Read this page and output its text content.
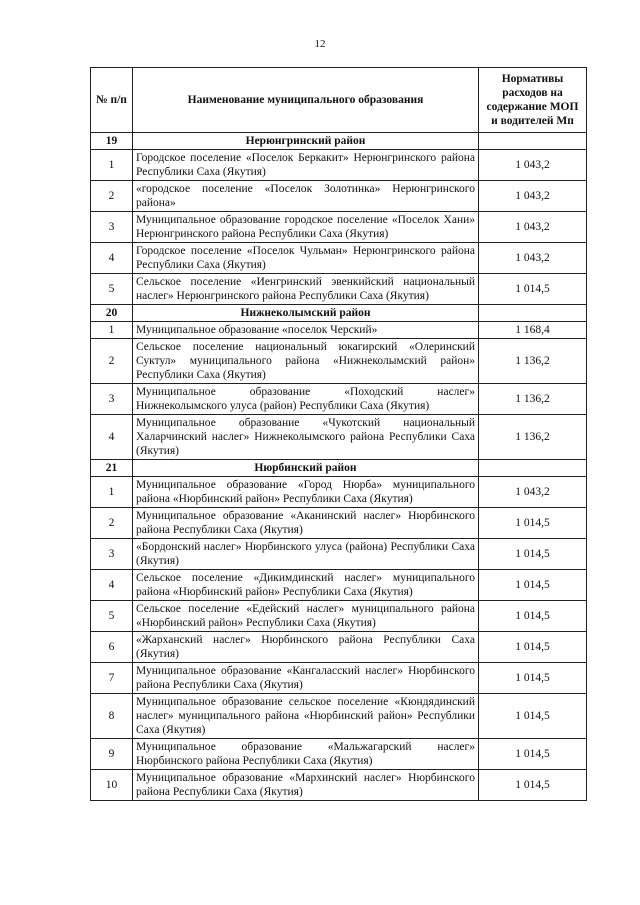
12
№ п/п	Наименование муниципального образования	Нормативы расходов на содержание МОП и водителей Мп
19	Нерюнгринский район	
1	Городское поселение «Поселок Беркакит» Нерюнгринского района Республики Саха (Якутия)	1 043,2
2	«городское поселение «Поселок Золотинка» Нерюнгринского района»	1 043,2
3	Муниципальное образование городское поселение «Поселок Хани» Нерюнгринского района Республики Саха (Якутия)	1 043,2
4	Городское поселение «Поселок Чульман» Нерюнгринского района Республики Саха (Якутия)	1 043,2
5	Сельское поселение «Иенгринский эвенкийский национальный наслег» Нерюнгринского района Республики Саха (Якутия)	1 014,5
20	Нижнеколымский район	
1	Муниципальное образование «поселок Черский»	1 168,4
2	Сельское поселение национальный юкагирский «Олеринский Суктул» муниципального района «Нижнеколымский район» Республики Саха (Якутия)	1 136,2
3	Муниципальное образование «Походский наслег» Нижнеколымского улуса (район) Республики Саха (Якутия)	1 136,2
4	Муниципальное образование «Чукотский национальный Халарчинский наслег» Нижнеколымского района Республики Саха (Якутия)	1 136,2
21	Нюрбинский район	
1	Муниципальное образование «Город Нюрба» муниципального района «Нюрбинский район» Республики Саха (Якутия)	1 043,2
2	Муниципальное образование «Аканинский наслег» Нюрбинского района Республики Саха (Якутия)	1 014,5
3	«Бордонский наслег» Нюрбинского улуса (района) Республики Саха (Якутия)	1 014,5
4	Сельское поселение «Дикимдинский наслег» муниципального района «Нюрбинский район» Республики Саха (Якутия)	1 014,5
5	Сельское поселение «Едейский наслег» муниципального района «Нюрбинский район» Республики Саха (Якутия)	1 014,5
6	«Жарханский наслег» Нюрбинского района Республики Саха (Якутия)	1 014,5
7	Муниципальное образование «Кангаласский наслег» Нюрбинского района Республики Саха (Якутия)	1 014,5
8	Муниципальное образование сельское поселение «Кюндядинский наслег» муниципального района «Нюрбинский район» Республики Саха (Якутия)	1 014,5
9	Муниципальное образование «Мальжагарский наслег» Нюрбинского района Республики Саха (Якутия)	1 014,5
10	Муниципальное образование «Мархинский наслег» Нюрбинского района Республики Саха (Якутия)	1 014,5
